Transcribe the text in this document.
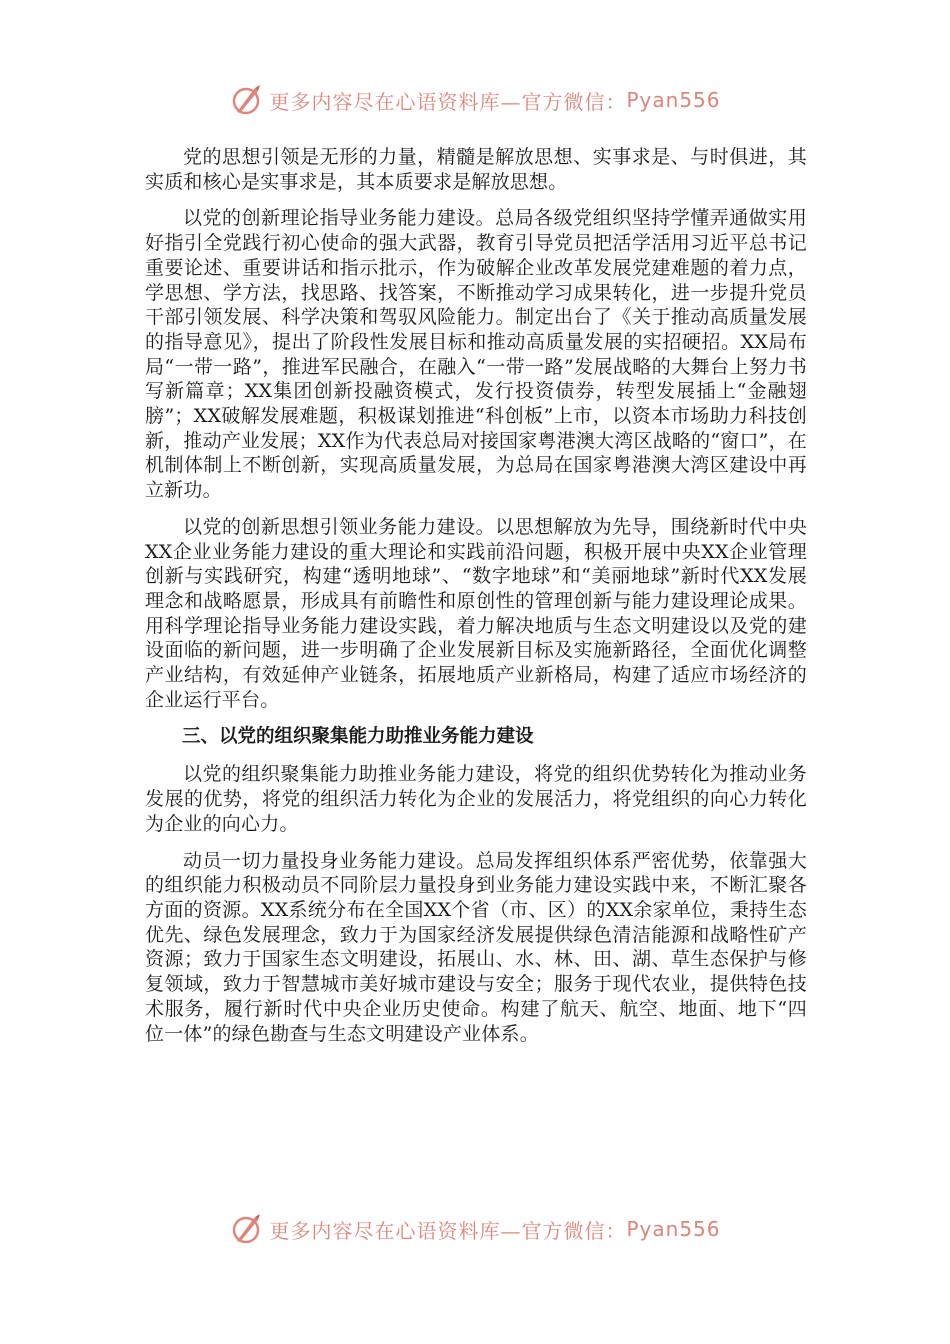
更多内容尽在心语资料库—官方微信： Pyan556

党的思想引领是无形的力量，精髓是解放思想、实事求是、与时俱进，其实质和核心是实事求是，其本质要求是解放思想。

以党的创新理论指导业务能力建设。总局各级党组织坚持学懂弄通做实用好指引全党践行初心使命的强大武器，教育引导党员把活学活用习近平总书记重要论述、重要讲话和指示批示，作为破解企业改革发展党建难题的着力点，学思想、学方法，找思路、找答案，不断推动学习成果转化，进一步提升党员干部引领发展、科学决策和驾驭风险能力。制定出台了《关于推动高质量发展的指导意见》，提出了阶段性发展目标和推动高质量发展的实招硬招。XX局布局“一带一路”，推进军民融合，在融入“一带一路”发展战略的大舞台上努力书写新篇章；XX集团创新投融资模式，发行投资债券，转型发展插上“金融翅膀”；XX破解发展难题，积极谋划推进“科创板”上市，以资本市场助力科技创新，推动产业发展；XX作为代表总局对接国家粤港澳大湾区战略的“窗口”，在机制体制上不断创新，实现高质量发展，为总局在国家粤港澳大湾区建设中再立新功。

以党的创新思想引领业务能力建设。以思想解放为先导，围绕新时代中央XX企业业务能力建设的重大理论和实践前沿问题，积极开展中央XX企业管理创新与实践研究，构建“透明地球”、“数字地球”和“美丽地球”新时代XX发展理念和战略愿景，形成具有前瞻性和原创性的管理创新与能力建设理论成果。用科学理论指导业务能力建设实践，着力解决地质与生态文明建设以及党的建设面临的新问题，进一步明确了企业发展新目标及实施新路径，全面优化调整产业结构，有效延伸产业链条，拓展地质产业新格局，构建了适应市场经济的企业运行平台。

三、以党的组织聚集能力助推业务能力建设

以党的组织聚集能力助推业务能力建设，将党的组织优势转化为推动业务发展的优势，将党的组织活力转化为企业的发展活力，将党组织的向心力转化为企业的向心力。

动员一切力量投身业务能力建设。总局发挥组织体系严密优势，依靠强大的组织能力积极动员不同阶层力量投身到业务能力建设实践中来，不断汇聚各方面的资源。XX系统分布在全国XX个省（市、区）的XX余家单位，秉持生态优先、绿色发展理念，致力于为国家经济发展提供绿色清洁能源和战略性矿产资源；致力于国家生态文明建设，拓展山、水、林、田、湖、草生态保护与修复领域，致力于智慧城市美好城市建设与安全；服务于现代农业，提供特色技术服务，履行新时代中央企业历史使命。构建了航天、航空、地面、地下“四位一体”的绿色勘查与生态文明建设产业体系。

更多内容尽在心语资料库—官方微信： Pyan556
